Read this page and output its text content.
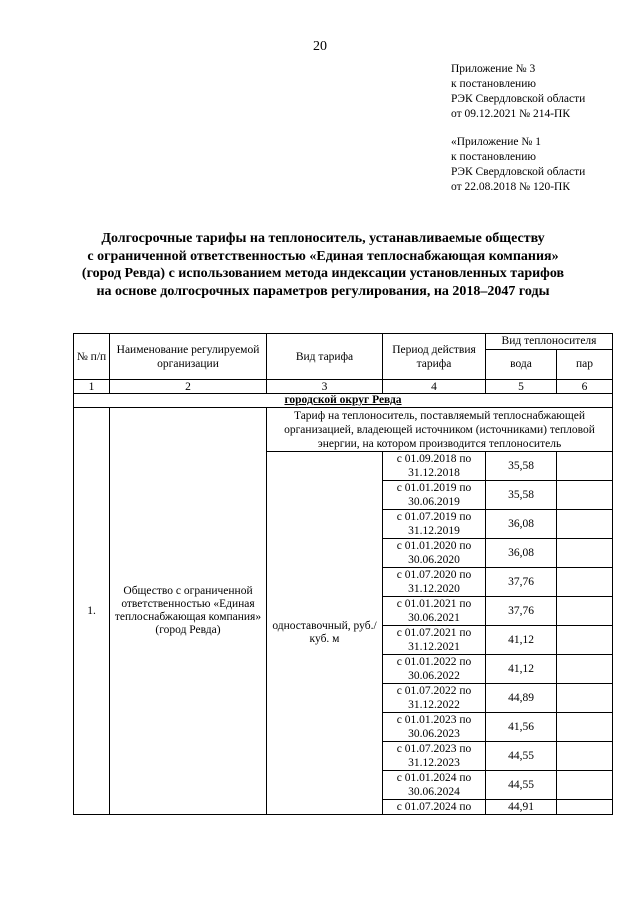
20
Приложение № 3
к постановлению
РЭК Свердловской области
от 09.12.2021 № 214-ПК
«Приложение № 1
к постановлению
РЭК Свердловской области
от 22.08.2018 № 120-ПК
Долгосрочные тарифы на теплоноситель, устанавливаемые обществу
с ограниченной ответственностью «Единая теплоснабжающая компания»
(город Ревда) с использованием метода индексации установленных тарифов
на основе долгосрочных параметров регулирования, на 2018–2047 годы
№ п/п	Наименование регулируемой организации	Вид тарифа	Период действия тарифа	Вид теплоносителя	
				вода	пар
1	2	3	4	5	6
городской округ Ревда					
1.	Общество с ограниченной ответственностью «Единая теплоснабжающая компания» (город Ревда)	Тариф на теплоноситель, поставляемый теплоснабжающей организацией, владеющей источником (источниками) тепловой энергии, на котором производится теплоноситель			
		одноставочный, руб./куб. м	с 01.09.2018 по 31.12.2018	35,58	
			с 01.01.2019 по 30.06.2019	35,58	
			с 01.07.2019 по 31.12.2019	36,08	
			с 01.01.2020 по 30.06.2020	36,08	
			с 01.07.2020 по 31.12.2020	37,76	
			с 01.01.2021 по 30.06.2021	37,76	
			с 01.07.2021 по 31.12.2021	41,12	
			с 01.01.2022 по 30.06.2022	41,12	
			с 01.07.2022 по 31.12.2022	44,89	
			с 01.01.2023 по 30.06.2023	41,56	
			с 01.07.2023 по 31.12.2023	44,55	
			с 01.01.2024 по 30.06.2024	44,55	
			с 01.07.2024 по	44,91	
